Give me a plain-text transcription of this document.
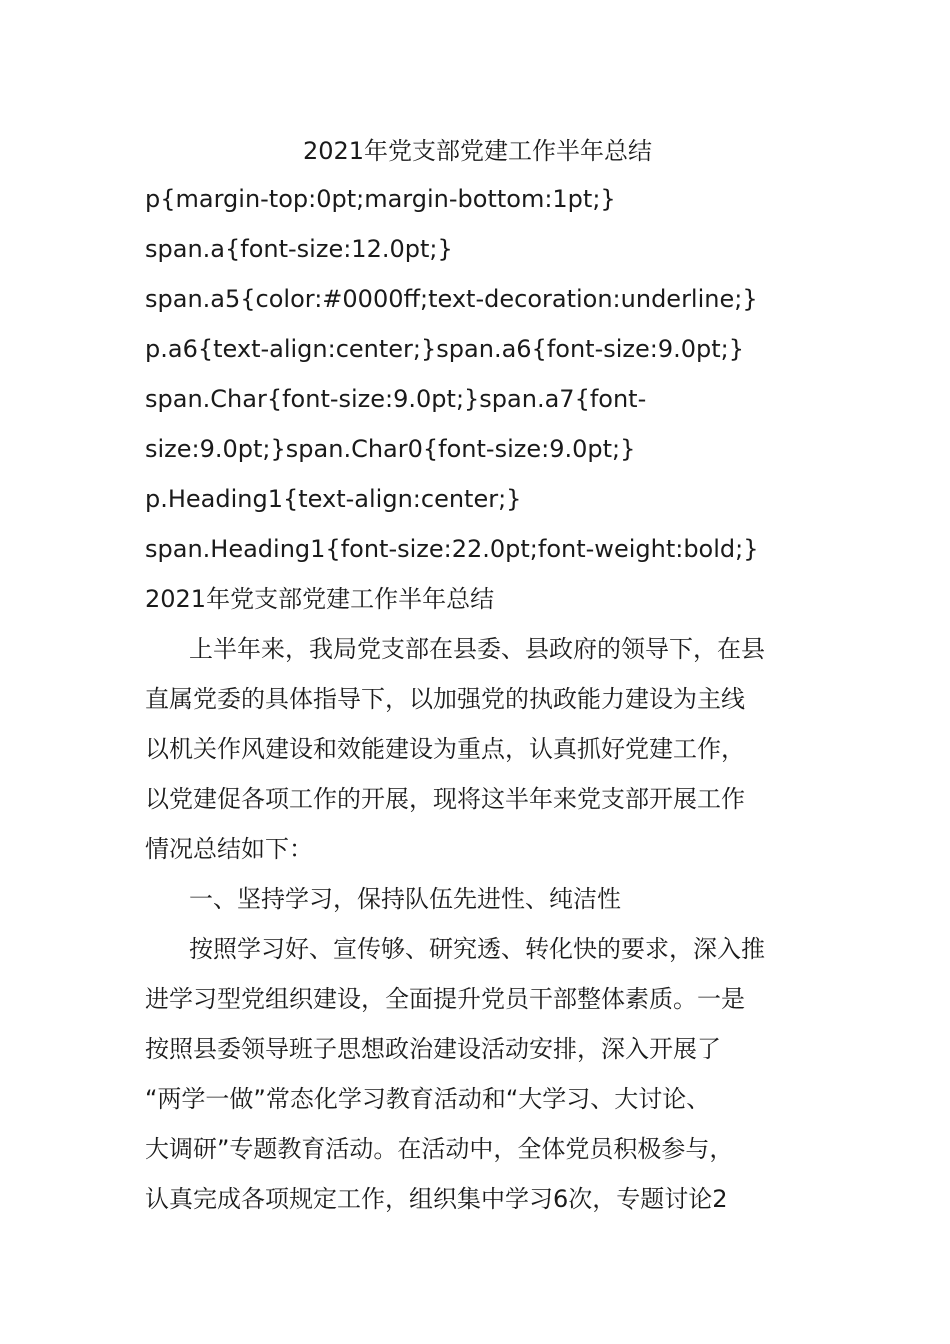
2021年党支部党建工作半年总结
p{margin-top:0pt;margin-bottom:1pt;}
span.a{font-size:12.0pt;}
span.a5{color:#0000ff;text-decoration:underline;}
p.a6{text-align:center;}span.a6{font-size:9.0pt;}
span.Char{font-size:9.0pt;}span.a7{font-
size:9.0pt;}span.Char0{font-size:9.0pt;}
p.Heading1{text-align:center;}
span.Heading1{font-size:22.0pt;font-weight:bold;}
2021年党支部党建工作半年总结
上半年来，我局党支部在县委、县政府的领导下，在县
直属党委的具体指导下，以加强党的执政能力建设为主线
以机关作风建设和效能建设为重点，认真抓好党建工作，
以党建促各项工作的开展，现将这半年来党支部开展工作
情况总结如下：
一、坚持学习，保持队伍先进性、纯洁性
按照学习好、宣传够、研究透、转化快的要求，深入推
进学习型党组织建设，全面提升党员干部整体素质。一是
按照县委领导班子思想政治建设活动安排，深入开展了
“两学一做”常态化学习教育活动和“大学习、大讨论、
大调研”专题教育活动。在活动中，全体党员积极参与，
认真完成各项规定工作，组织集中学习6次，专题讨论2
